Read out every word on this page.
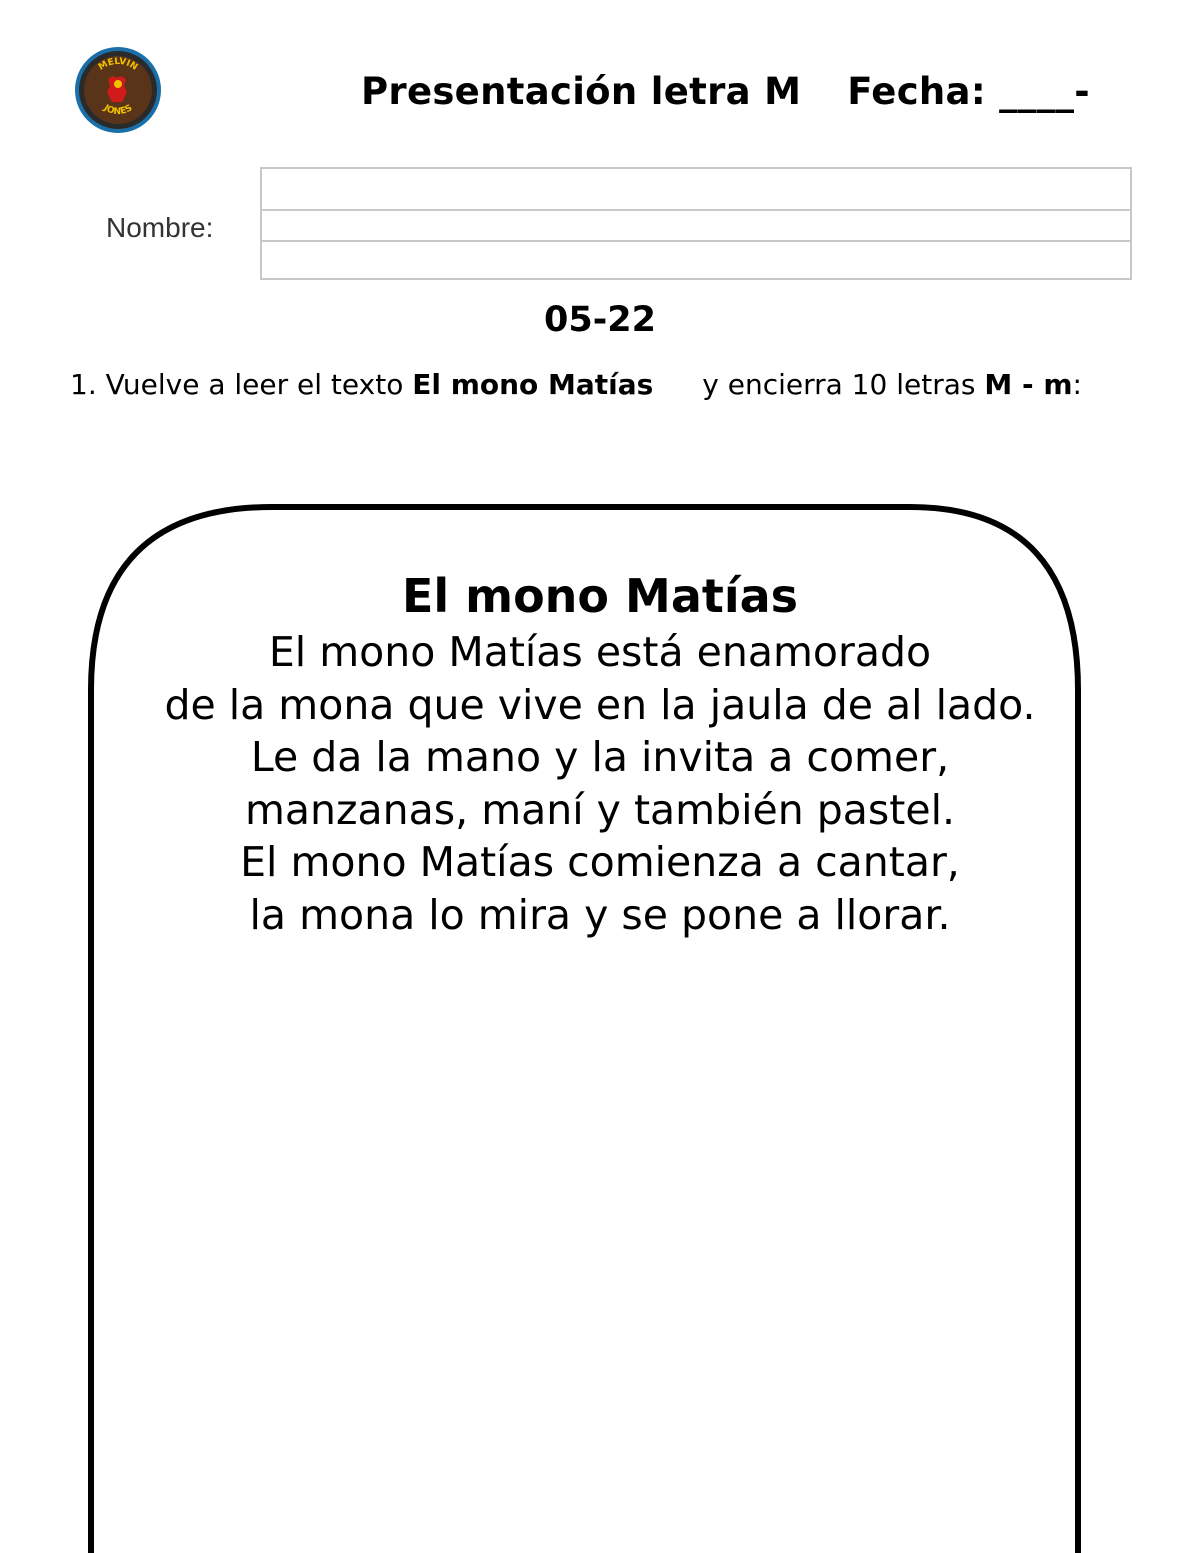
MELVIN
JONES	Presentación letra M Fecha: ____-
Nombre:
05-22
1. Vuelve a leer el texto El mono Matías y encierra 10 letras M - m:
El mono Matías
El mono Matías está enamorado
de la mona que vive en la jaula de al lado.
Le da la mano y la invita a comer,
manzanas, maní y también pastel.
El mono Matías comienza a cantar,
la mona lo mira y se pone a llorar.
